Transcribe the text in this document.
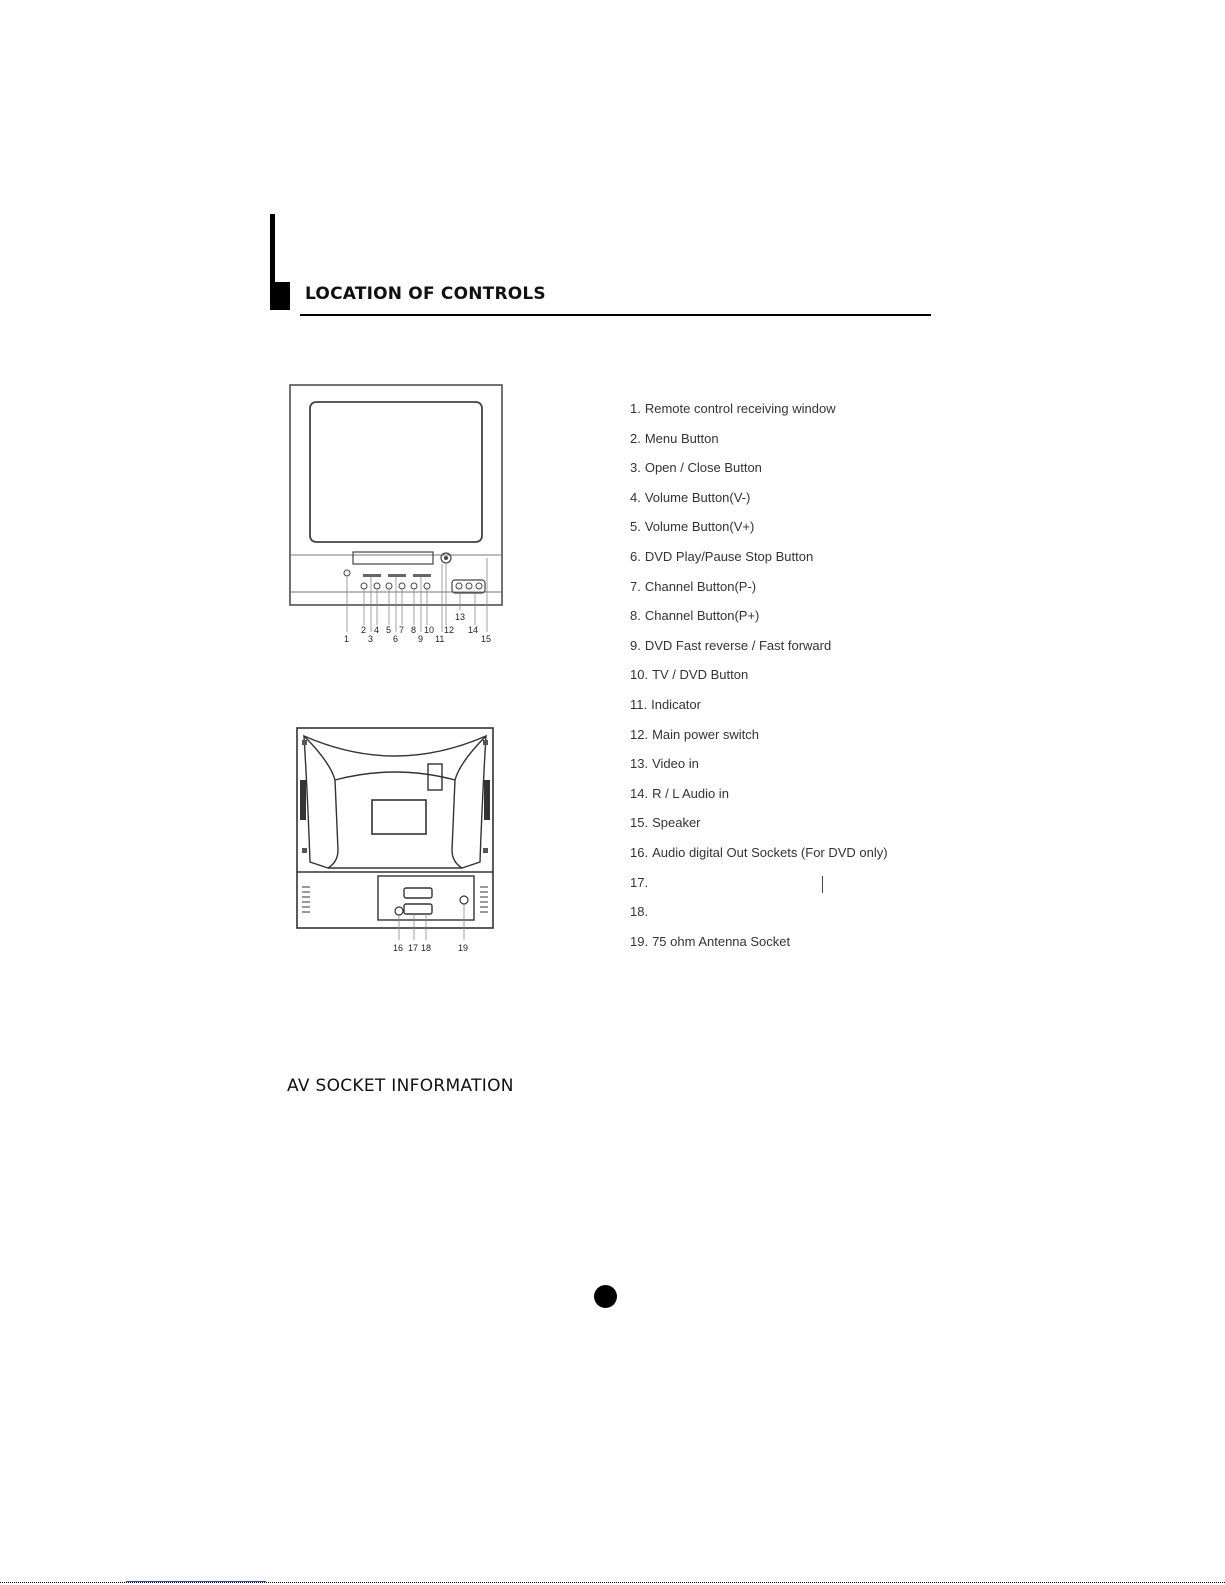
LOCATION OF CONTROLS
1
2
3
4 5
6
7 8
9
10
11
12
13
14
15
16 17 18	19
1. Remote control receiving window
2. Menu Button
3. Open / Close Button
4. Volume Button(V-)
5. Volume Button(V+)
6. DVD Play/Pause Stop Button
7. Channel Button(P-)
8. Channel Button(P+)
9. DVD Fast reverse / Fast forward
10. TV / DVD Button
11. Indicator
12. Main power switch
13. Video in
14. R / L Audio in
15. Speaker
16. Audio digital Out Sockets (For DVD only)
17.
18.
19. 75 ohm Antenna Socket
AV SOCKET INFORMATION
